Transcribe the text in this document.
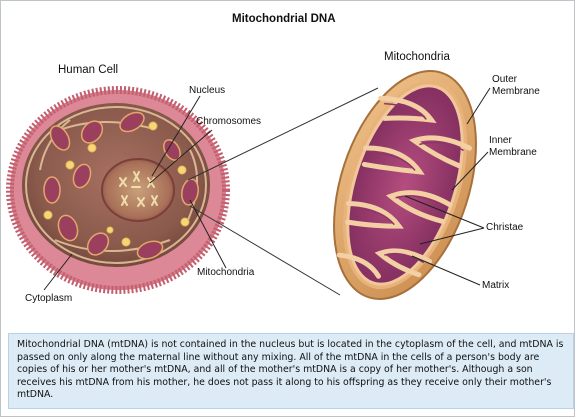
Mitochondrial DNA
Human Cell
Mitochondria
Nucleus
Chromosomes
Mitochondria
Cytoplasm
Outer
Membrane
Inner
Membrane
Christae
Matrix
Mitochondrial DNA (mtDNA) is not contained in the nucleus but is located in the cytoplasm of the cell, and mtDNA is passed on only along the maternal line without any mixing. All of the mtDNA in the cells of a person's body are copies of his or her mother's mtDNA, and all of the mother's mtDNA is a copy of her mother's. Although a son receives his mtDNA from his mother, he does not pass it along to his offspring as they receive only their mother's mtDNA.
